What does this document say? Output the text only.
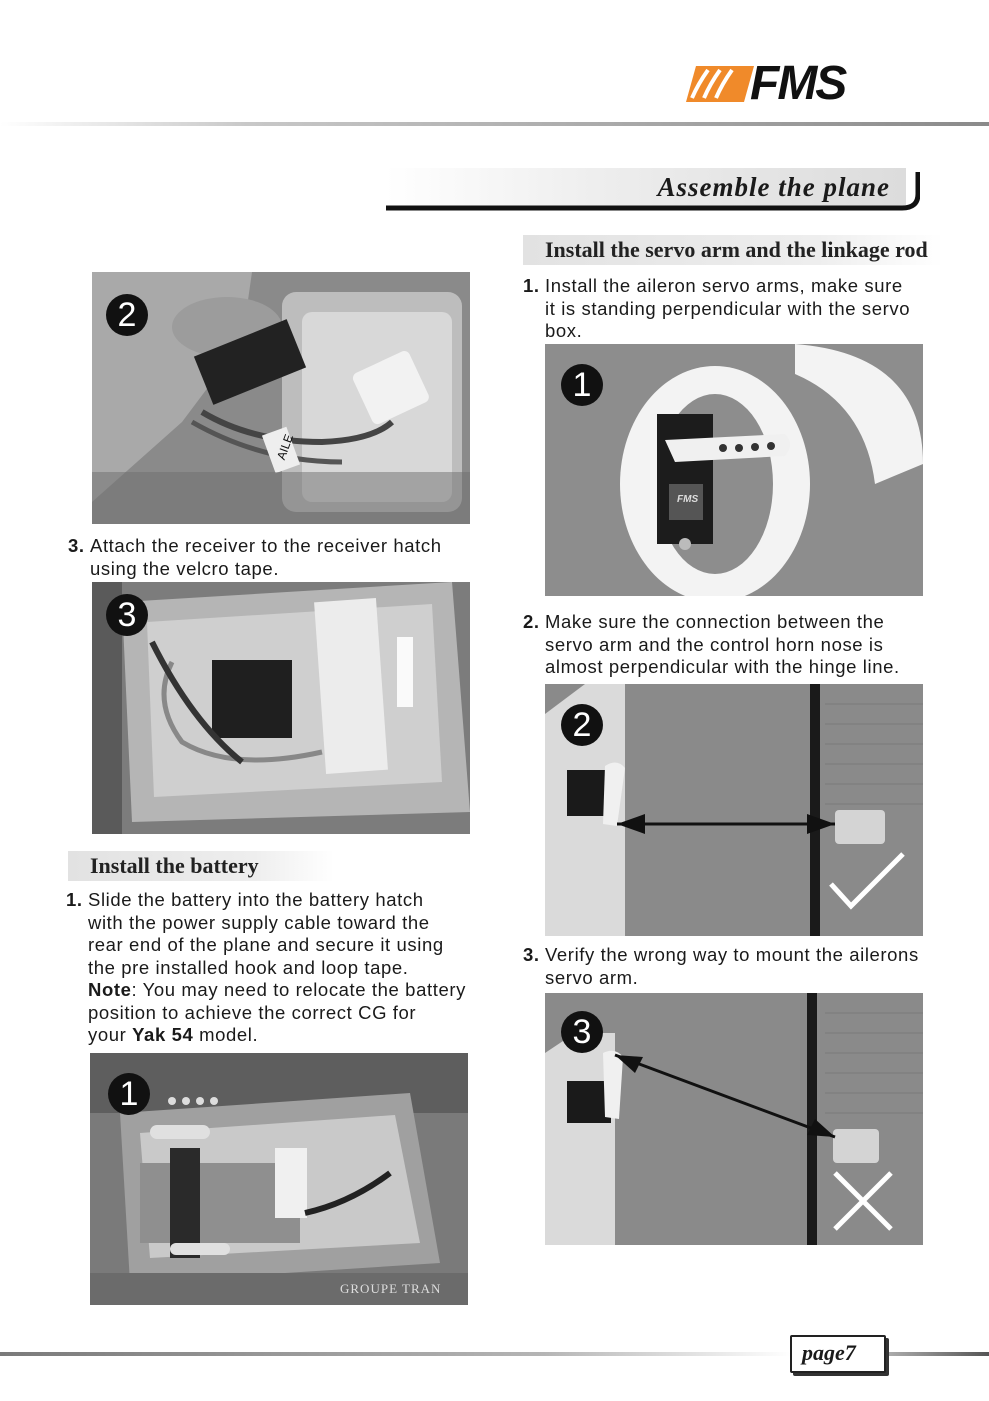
FMS
Assemble the plane
2
AILE
3. Attach the receiver to the receiver hatch
using the velcro tape.
3
Install the battery
1. Slide the battery into the battery hatch
with the power supply cable toward the
rear end of the plane and secure it using
the pre installed hook and loop tape.
Note: You may need to relocate the battery
position to achieve the correct CG for
your Yak 54 model.
1
GROUPE TRAN
Install the servo arm and the linkage rod
1. Install the aileron servo arms, make sure
it is standing perpendicular with the servo
box.
1
FMS
2. Make sure the connection between the
servo arm and the control horn nose is
almost perpendicular with the hinge line.
2
3. Verify the wrong way to mount the ailerons
servo arm.
3
page7
